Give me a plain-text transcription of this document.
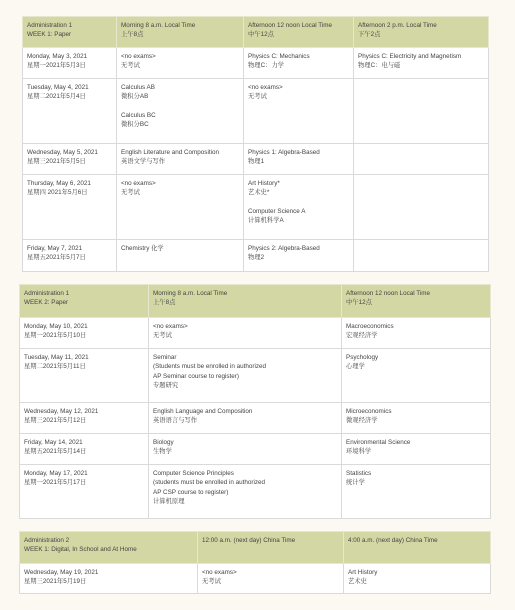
Administration 1
WEEK 1: Paper	Morning 8 a.m. Local Time
上午8点	Afternoon 12 noon Local Time
中午12点	Afternoon 2 p.m. Local Time
下午2点

Monday, May 3, 2021
星期一2021年5月3日	<no exams>
无考试	Physics C: Mechanics
物理C：力学	Physics C: Electricity and Magnetism
物理C：电与磁

Tuesday, May 4, 2021
星期二2021年5月4日	Calculus AB
微积分AB
Calculus BC
微积分BC	<no exams>
无考试	

Wednesday, May 5, 2021
星期三2021年5月5日	English Literature and Composition
英语文学与写作	Physics 1: Algebra-Based
物理1	

Thursday, May 6, 2021
星期四 2021年5月6日	<no exams>
无考试	Art History*
艺术史*
Computer Science A
计算机科学A	

Friday, May 7, 2021
星期五2021年5月7日	Chemistry 化学	Physics 2: Algebra-Based
物理2	

Administration 1
WEEK 2: Paper	Morning 8 a.m. Local Time
上午8点	Afternoon 12 noon Local Time
中午12点

Monday, May 10, 2021
星期一2021年5月10日	<no exams>
无考试	Macroeconomics
宏观经济学

Tuesday, May 11, 2021
星期二2021年5月11日	Seminar
(Students must be enrolled in authorized
AP Seminar course to register)
专题研究	Psychology
心理学

Wednesday, May 12, 2021
星期三2021年5月12日	English Language and Composition
英语语言与写作	Microeconomics
微观经济学

Friday, May 14, 2021
星期五2021年5月14日	Biology
生物学	Environmental Science
环境科学

Monday, May 17, 2021
星期一2021年5月17日	Computer Science Principles
(students must be enrolled in authorized
AP CSP course to register)
计算机原理	Statistics
统计学
Administration 2
WEEK 1: Digital, In School and At Home	12:00 a.m. (next day) China Time	4:00 a.m. (next day) China Time

Wednesday, May 19, 2021
星期三2021年5月19日	<no exams>
无考试	Art History
艺术史
